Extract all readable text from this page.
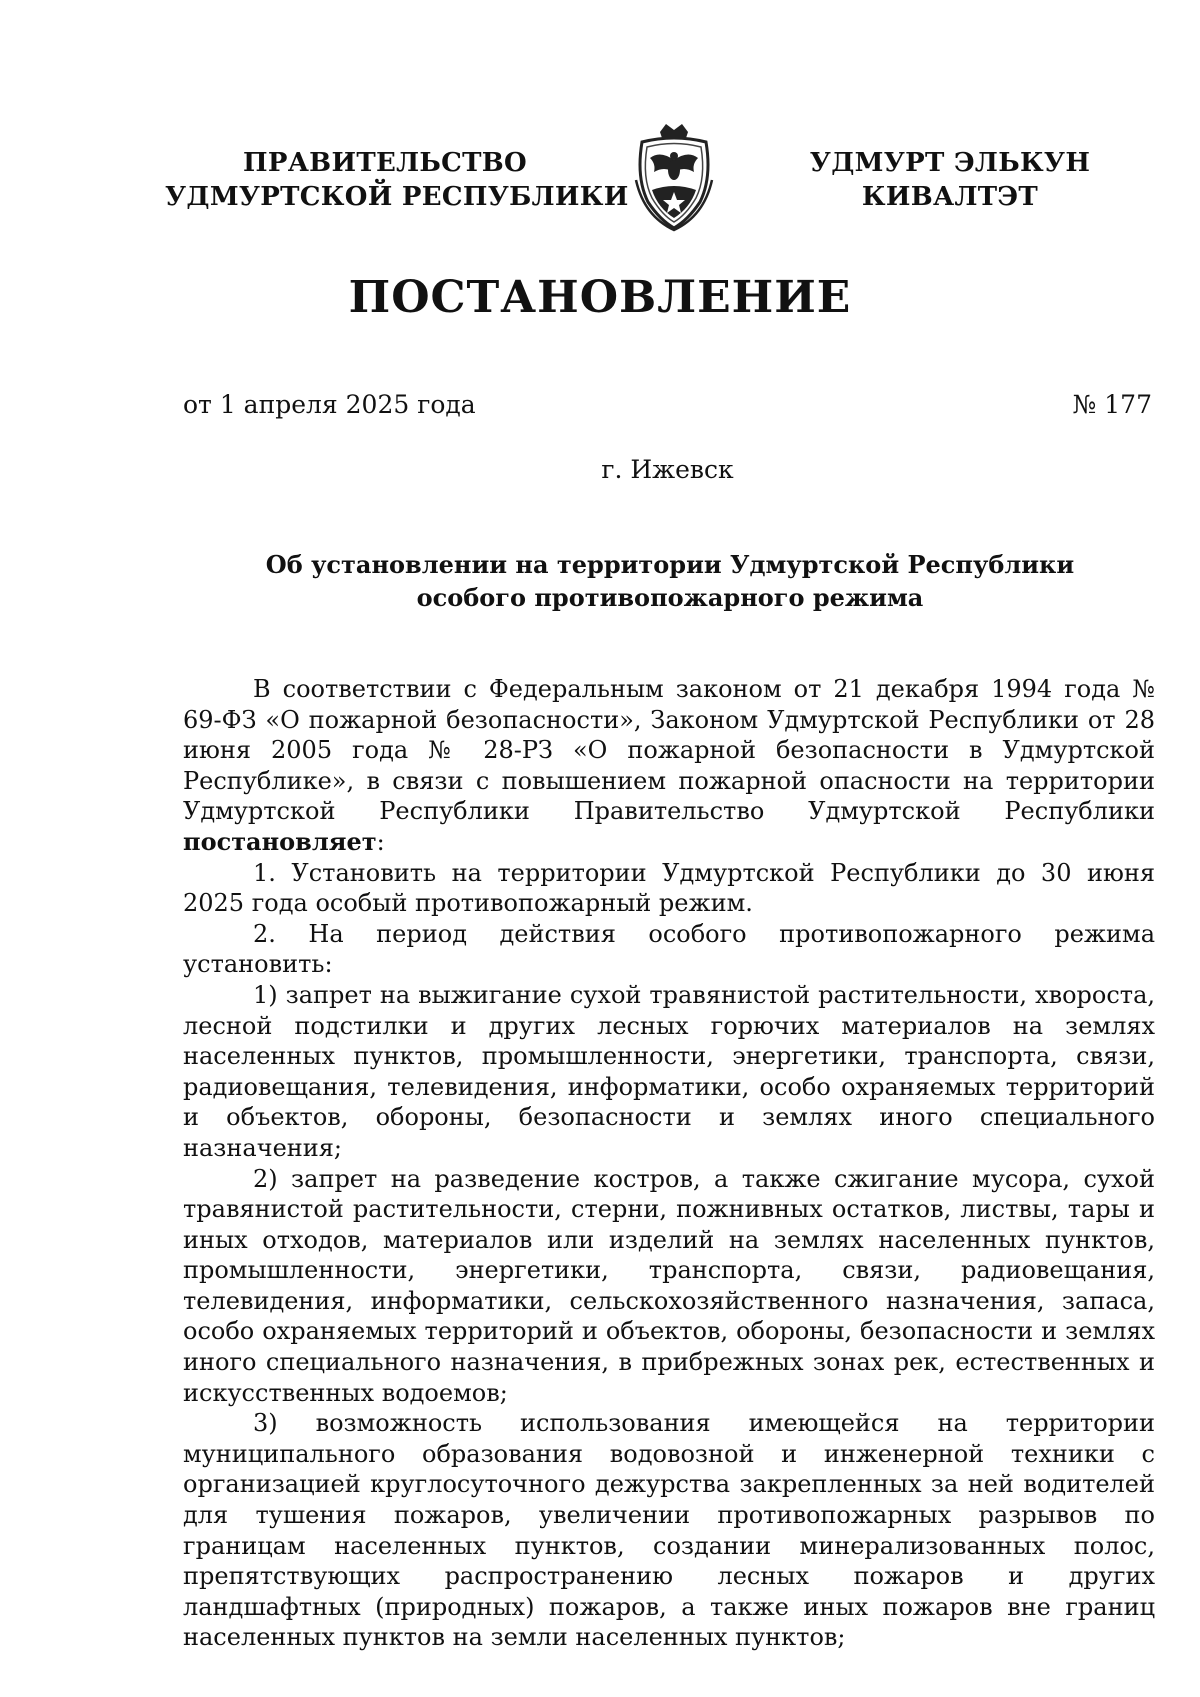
ПРАВИТЕЛЬСТВО
УДМУРТСКОЙ РЕСПУБЛИКИ
УДМУРТ ЭЛЬКУН
КИВАЛТЭТ
ПОСТАНОВЛЕНИЕ
от 1 апреля 2025 года	№ 177
г. Ижевск
Об установлении на территории Удмуртской Республики
особого противопожарного режима

В соответствии с Федеральным законом от 21 декабря 1994 года № 69-ФЗ «О пожарной безопасности», Законом Удмуртской Республики от 28 июня 2005 года № 28-РЗ «О пожарной безопасности в Удмуртской Республике», в связи с повышением пожарной опасности на территории Удмуртской Республики Правительство Удмуртской Республики постановляет:

1. Установить на территории Удмуртской Республики до 30 июня 2025 года особый противопожарный режим.

2. На период действия особого противопожарного режима установить:

1) запрет на выжигание сухой травянистой растительности, хвороста, лесной подстилки и других лесных горючих материалов на землях населенных пунктов, промышленности, энергетики, транспорта, связи, радиовещания, телевидения, информатики, особо охраняемых территорий и объектов, обороны, безопасности и землях иного специального назначения;

2) запрет на разведение костров, а также сжигание мусора, сухой травянистой растительности, стерни, пожнивных остатков, листвы, тары и иных отходов, материалов или изделий на землях населенных пунктов, промышленности, энергетики, транспорта, связи, радиовещания, телевидения, информатики, сельскохозяйственного назначения, запаса, особо охраняемых территорий и объектов, обороны, безопасности и землях иного специального назначения, в прибрежных зонах рек, естественных и искусственных водоемов;

3) возможность использования имеющейся на территории муниципального образования водовозной и инженерной техники с организацией круглосуточного дежурства закрепленных за ней водителей для тушения пожаров, увеличении противопожарных разрывов по границам населенных пунктов, создании минерализованных полос, препятствующих распространению лесных пожаров и других ландшафтных (природных) пожаров, а также иных пожаров вне границ населенных пунктов на земли населенных пунктов;
